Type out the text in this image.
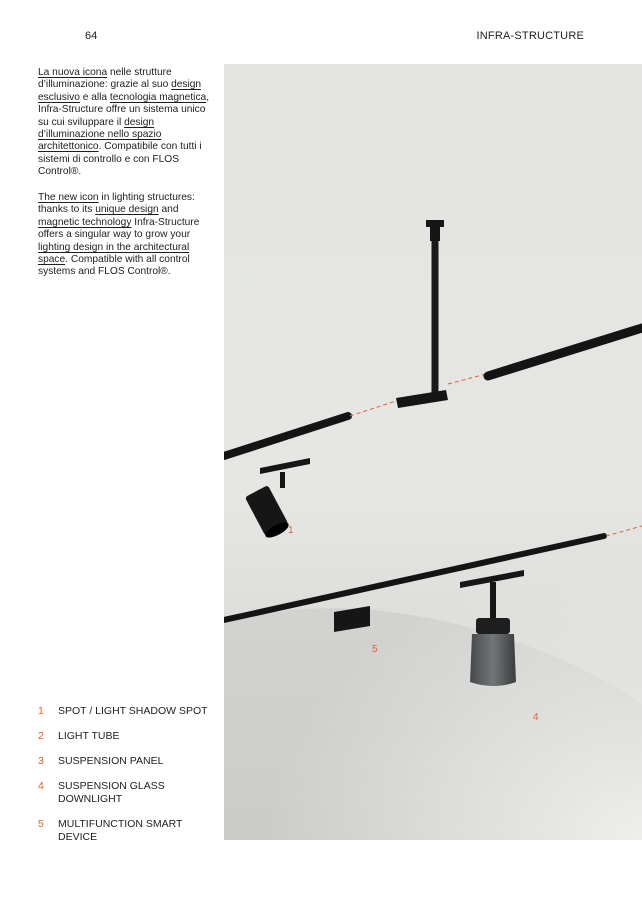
64	INFRA-STRUCTURE

La nuova icona nelle strutture d’illuminazione: grazie al suo design esclusivo e alla tecnologia magnetica, Infra-Structure offre un sistema unico su cui sviluppare il design d’illuminazione nello spazio architettonico. Compatibile con tutti i sistemi di controllo e con FLOS Control®.

The new icon in lighting structures: thanks to its unique design and magnetic technology Infra-Structure offers a singular way to grow your lighting design in the architectural space. Compatible with all control systems and FLOS Control®.

1
5
4
1	SPOT / LIGHT SHADOW SPOT
2	LIGHT TUBE
3	SUSPENSION PANEL
4	SUSPENSION GLASS DOWNLIGHT
5	MULTIFUNCTION SMART DEVICE
